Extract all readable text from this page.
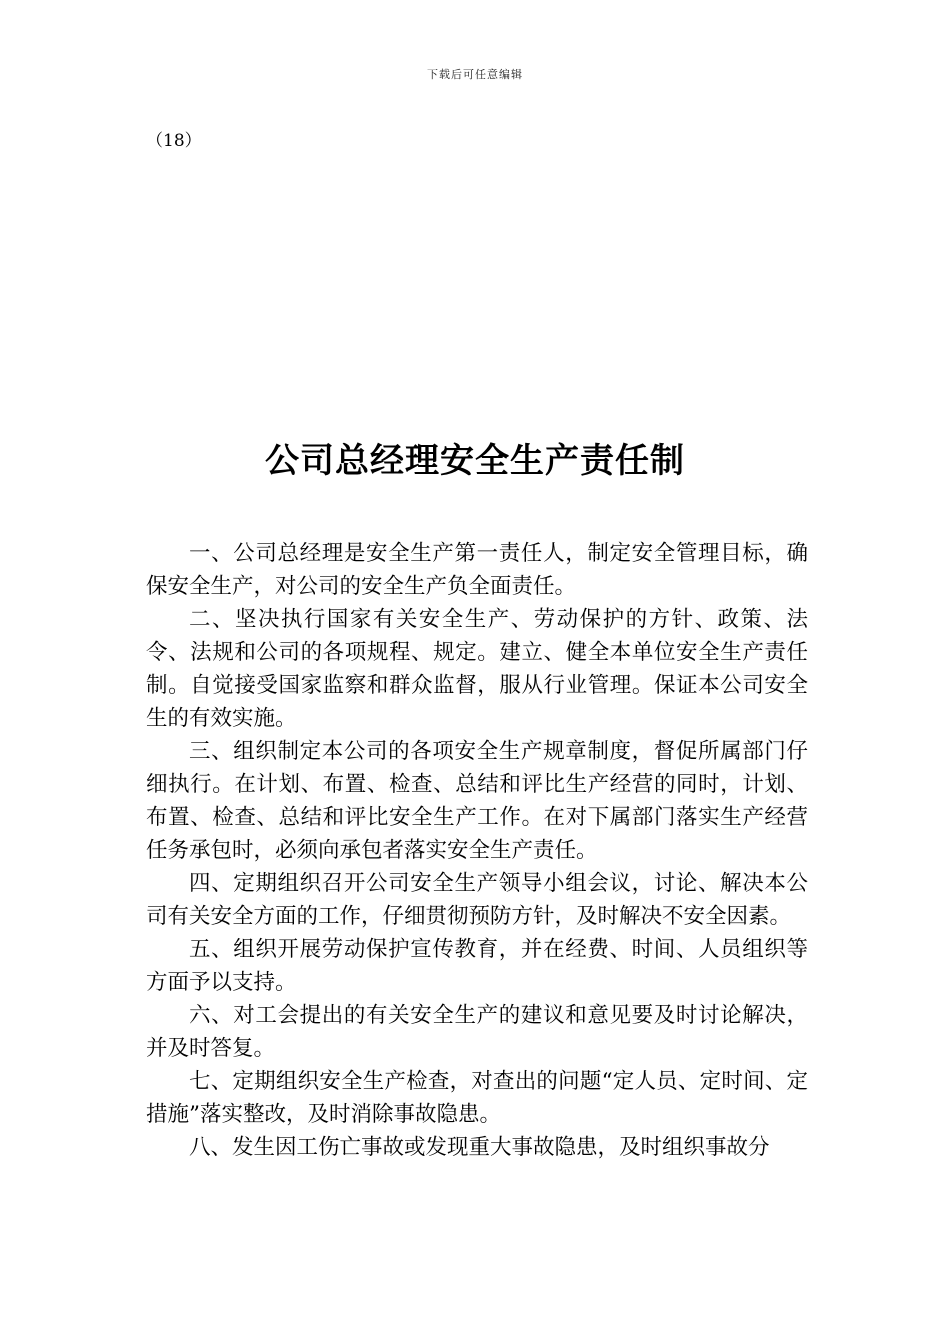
下载后可任意编辑
（18）
公司总经理安全生产责任制

一、公司总经理是安全生产第一责任人，制定安全管理目标，确保安全生产，对公司的安全生产负全面责任。

二、坚决执行国家有关安全生产、劳动保护的方针、政策、法令、法规和公司的各项规程、规定。建立、健全本单位安全生产责任制。自觉接受国家监察和群众监督，服从行业管理。保证本公司安全生的有效实施。

三、组织制定本公司的各项安全生产规章制度，督促所属部门仔细执行。在计划、布置、检查、总结和评比生产经营的同时，计划、布置、检查、总结和评比安全生产工作。在对下属部门落实生产经营任务承包时，必须向承包者落实安全生产责任。

四、定期组织召开公司安全生产领导小组会议，讨论、解决本公司有关安全方面的工作，仔细贯彻预防方针，及时解决不安全因素。

五、组织开展劳动保护宣传教育，并在经费、时间、人员组织等方面予以支持。

六、对工会提出的有关安全生产的建议和意见要及时讨论解决，并及时答复。

七、定期组织安全生产检查，对查出的问题“定人员、定时间、定措施”落实整改，及时消除事故隐患。

八、发生因工伤亡事故或发现重大事故隐患，及时组织事故分
